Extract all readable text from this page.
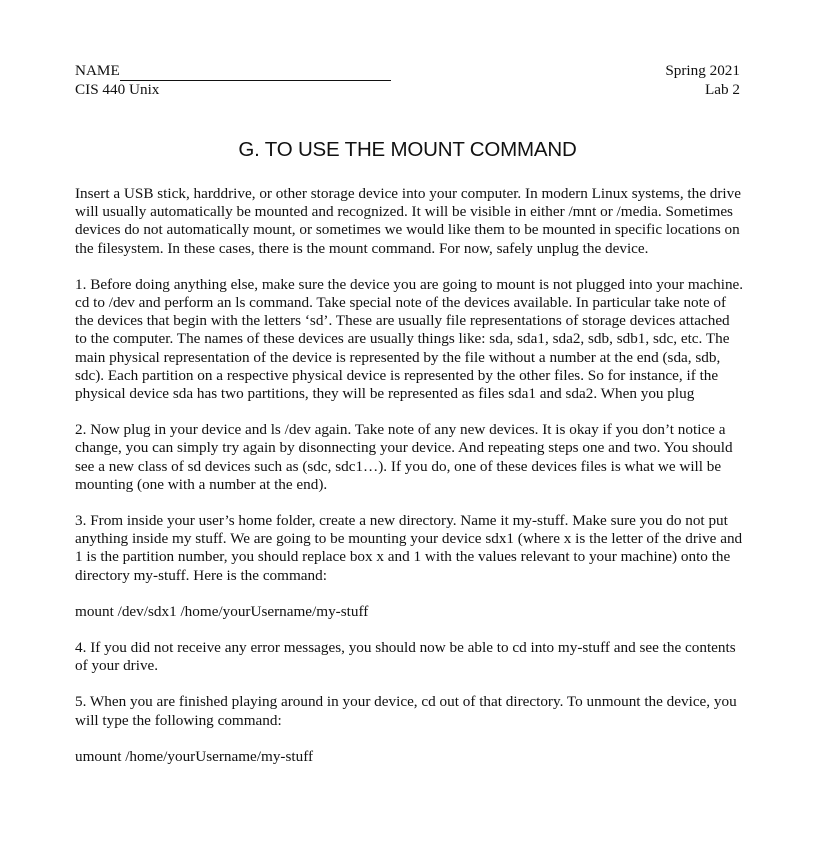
NAME
CIS 440 Unix
Spring 2021
Lab 2
G. TO USE THE MOUNT COMMAND

Insert a USB stick, harddrive, or other storage device into your computer. In modern Linux systems, the drive will usually automatically be mounted and recognized. It will be visible in either /mnt or /media. Sometimes devices do not automatically mount, or sometimes we would like them to be mounted in specific locations on the filesystem. In these cases, there is the mount command. For now, safely unplug the device.

1. Before doing anything else, make sure the device you are going to mount is not plugged into your machine. cd to /dev and perform an ls command. Take special note of the devices available. In particular take note of the devices that begin with the letters ‘sd’. These are usually file representations of storage devices attached to the computer. The names of these devices are usually things like: sda, sda1, sda2, sdb, sdb1, sdc, etc. The main physical representation of the device is represented by the file without a number at the end (sda, sdb, sdc). Each partition on a respective physical device is represented by the other files. So for instance, if the physical device sda has two partitions, they will be represented as files sda1 and sda2. When you plug

2. Now plug in your device and ls /dev again. Take note of any new devices. It is okay if you don’t notice a change, you can simply try again by disonnecting your device. And repeating steps one and two. You should see a new class of sd devices such as (sdc, sdc1…). If you do, one of these devices files is what we will be mounting (one with a number at the end).

3. From inside your user’s home folder, create a new directory. Name it my-stuff. Make sure you do not put anything inside my stuff. We are going to be mounting your device sdx1 (where x is the letter of the drive and 1 is the partition number, you should replace box x and 1 with the values relevant to your machine) onto the directory my-stuff. Here is the command:

mount /dev/sdx1 /home/yourUsername/my-stuff

4. If you did not receive any error messages, you should now be able to cd into my-stuff and see the contents of your drive.

5. When you are finished playing around in your device, cd out of that directory. To unmount the device, you will type the following command:

umount /home/yourUsername/my-stuff
